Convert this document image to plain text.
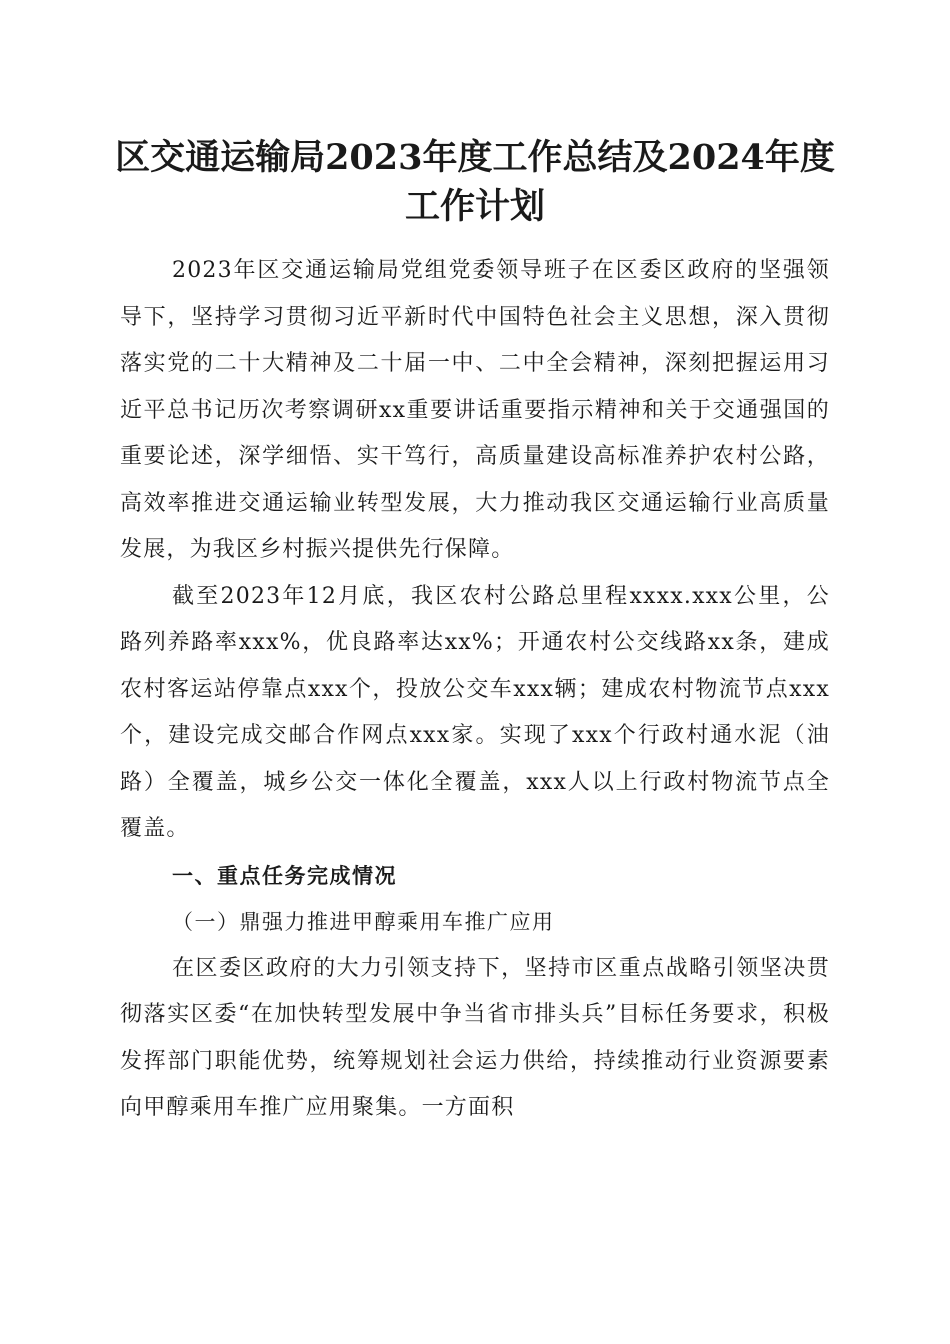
区交通运输局2023年度工作总结及2024年度
工作计划

2023年区交通运输局党组党委领导班子在区委区政府的坚强领导下，坚持学习贯彻习近平新时代中国特色社会主义思想，深入贯彻落实党的二十大精神及二十届一中、二中全会精神，深刻把握运用习近平总书记历次考察调研xx重要讲话重要指示精神和关于交通强国的重要论述，深学细悟、实干笃行，高质量建设高标准养护农村公路，高效率推进交通运输业转型发展，大力推动我区交通运输行业高质量发展，为我区乡村振兴提供先行保障。

截至2023年12月底，我区农村公路总里程xxxx.xxx公里，公路列养路率xxx%，优良路率达xx%；开通农村公交线路xx条，建成农村客运站停靠点xxx个，投放公交车xxx辆；建成农村物流节点xxx个，建设完成交邮合作网点xxx家。实现了xxx个行政村通水泥（油路）全覆盖，城乡公交一体化全覆盖，xxx人以上行政村物流节点全覆盖。

一、重点任务完成情况

（一）鼎强力推进甲醇乘用车推广应用

在区委区政府的大力引领支持下，坚持市区重点战略引领坚决贯彻落实区委“在加快转型发展中争当省市排头兵”目标任务要求，积极发挥部门职能优势，统筹规划社会运力供给，持续推动行业资源要素向甲醇乘用车推广应用聚集。一方面积
